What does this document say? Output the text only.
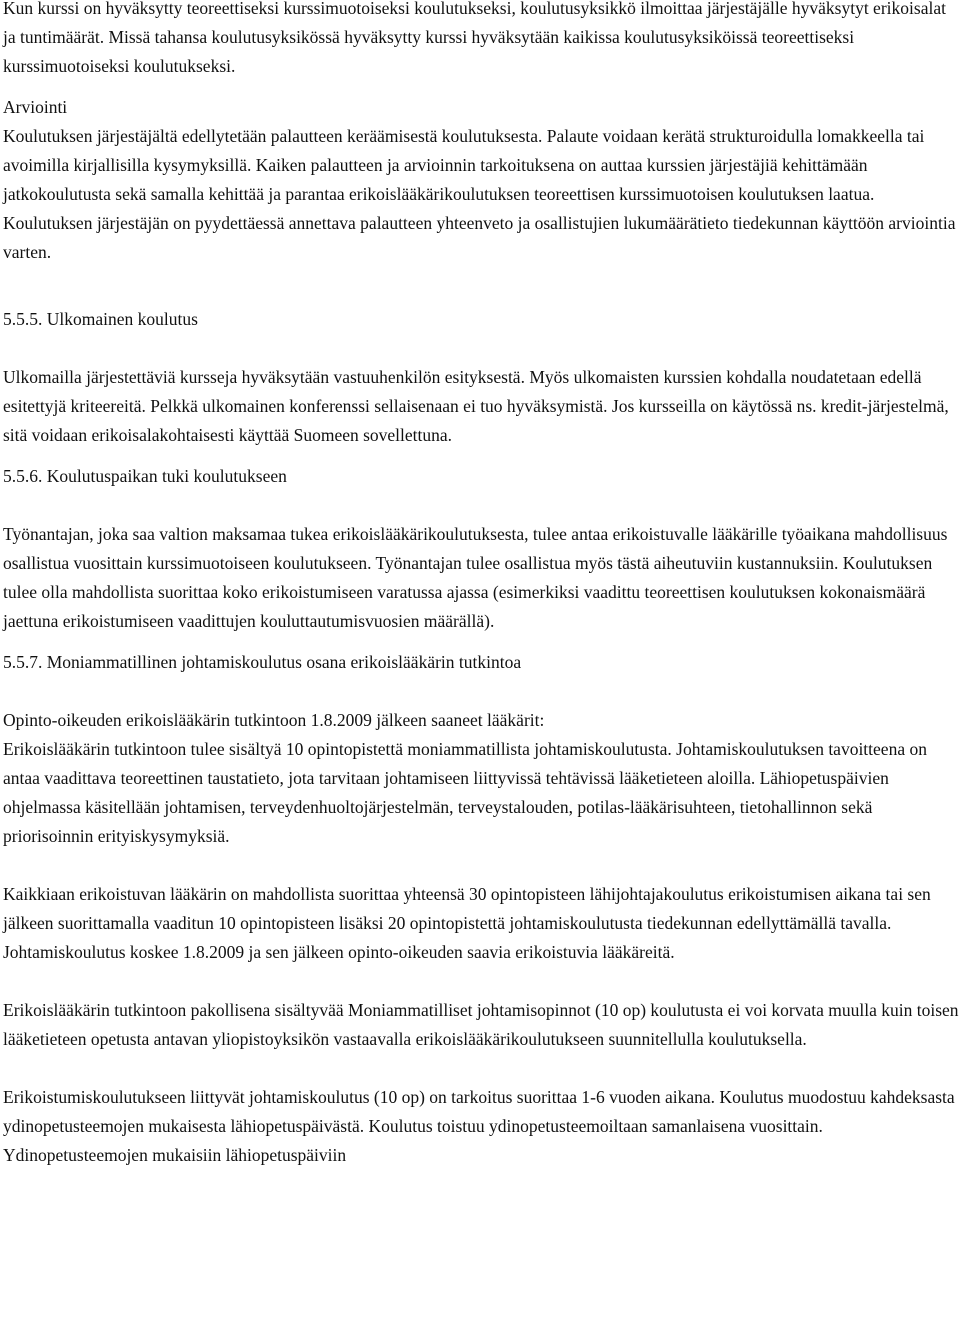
Kun kurssi on hyväksytty teoreettiseksi kurssimuotoiseksi koulutukseksi, koulutusyksikkö ilmoittaa järjestäjälle hyväksytyt erikoisalat ja tuntimäärät. Missä tahansa koulutusyksikössä hyväksytty kurssi hyväksytään kaikissa koulutusyksiköissä teoreettiseksi kurssimuotoiseksi koulutukseksi.

Arviointi

Koulutuksen järjestäjältä edellytetään palautteen keräämisestä koulutuksesta. Palaute voidaan kerätä strukturoidulla lomakkeella tai avoimilla kirjallisilla kysymyksillä. Kaiken palautteen ja arvioinnin tarkoituksena on auttaa kurssien järjestäjiä kehittämään jatkokoulutusta sekä samalla kehittää ja parantaa erikoislääkärikoulutuksen teoreettisen kurssimuotoisen koulutuksen laatua. Koulutuksen järjestäjän on pyydettäessä annettava palautteen yhteenveto ja osallistujien lukumäärätieto tiedekunnan käyttöön arviointia varten.

5.5.5. Ulkomainen koulutus

Ulkomailla järjestettäviä kursseja hyväksytään vastuuhenkilön esityksestä. Myös ulkomaisten kurssien kohdalla noudatetaan edellä esitettyjä kriteereitä. Pelkkä ulkomainen konferenssi sellaisenaan ei tuo hyväksymistä. Jos kursseilla on käytössä ns. kredit-järjestelmä, sitä voidaan erikoisalakohtaisesti käyttää Suomeen sovellettuna.

5.5.6. Koulutuspaikan tuki koulutukseen

Työnantajan, joka saa valtion maksamaa tukea erikoislääkärikoulutuksesta, tulee antaa erikoistuvalle lääkärille työaikana mahdollisuus osallistua vuosittain kurssimuotoiseen koulutukseen. Työnantajan tulee osallistua myös tästä aiheutuviin kustannuksiin. Koulutuksen tulee olla mahdollista suorittaa koko erikoistumiseen varatussa ajassa (esimerkiksi vaadittu teoreettisen koulutuksen kokonaismäärä jaettuna erikoistumiseen vaadittujen kouluttautumisvuosien määrällä).

5.5.7. Moniammatillinen johtamiskoulutus osana erikoislääkärin tutkintoa

Opinto-oikeuden erikoislääkärin tutkintoon 1.8.2009 jälkeen saaneet lääkärit:

Erikoislääkärin tutkintoon tulee sisältyä 10 opintopistettä moniammatillista johtamiskoulutusta. Johtamiskoulutuksen tavoitteena on antaa vaadittava teoreettinen taustatieto, jota tarvitaan johtamiseen liittyvissä tehtävissä lääketieteen aloilla. Lähiopetuspäivien ohjelmassa käsitellään johtamisen, terveydenhuoltojärjestelmän, terveystalouden, potilas-lääkärisuhteen, tietohallinnon sekä priorisoinnin erityiskysymyksiä.

Kaikkiaan erikoistuvan lääkärin on mahdollista suorittaa yhteensä 30 opintopisteen lähijohtajakoulutus erikoistumisen aikana tai sen jälkeen suorittamalla vaaditun 10 opintopisteen lisäksi 20 opintopistettä johtamiskoulutusta tiedekunnan edellyttämällä tavalla. Johtamiskoulutus koskee 1.8.2009 ja sen jälkeen opinto-oikeuden saavia erikoistuvia lääkäreitä.

Erikoislääkärin tutkintoon pakollisena sisältyvää Moniammatilliset johtamisopinnot (10 op) koulutusta ei voi korvata muulla kuin toisen lääketieteen opetusta antavan yliopistoyksikön vastaavalla erikoislääkärikoulutukseen suunnitellulla koulutuksella.

Erikoistumiskoulutukseen liittyvät johtamiskoulutus (10 op) on tarkoitus suorittaa 1-6 vuoden aikana. Koulutus muodostuu kahdeksasta ydinopetusteemojen mukaisesta lähiopetuspäivästä. Koulutus toistuu ydinopetusteemoiltaan samanlaisena vuosittain. Ydinopetusteemojen mukaisiin lähiopetuspäiviin
